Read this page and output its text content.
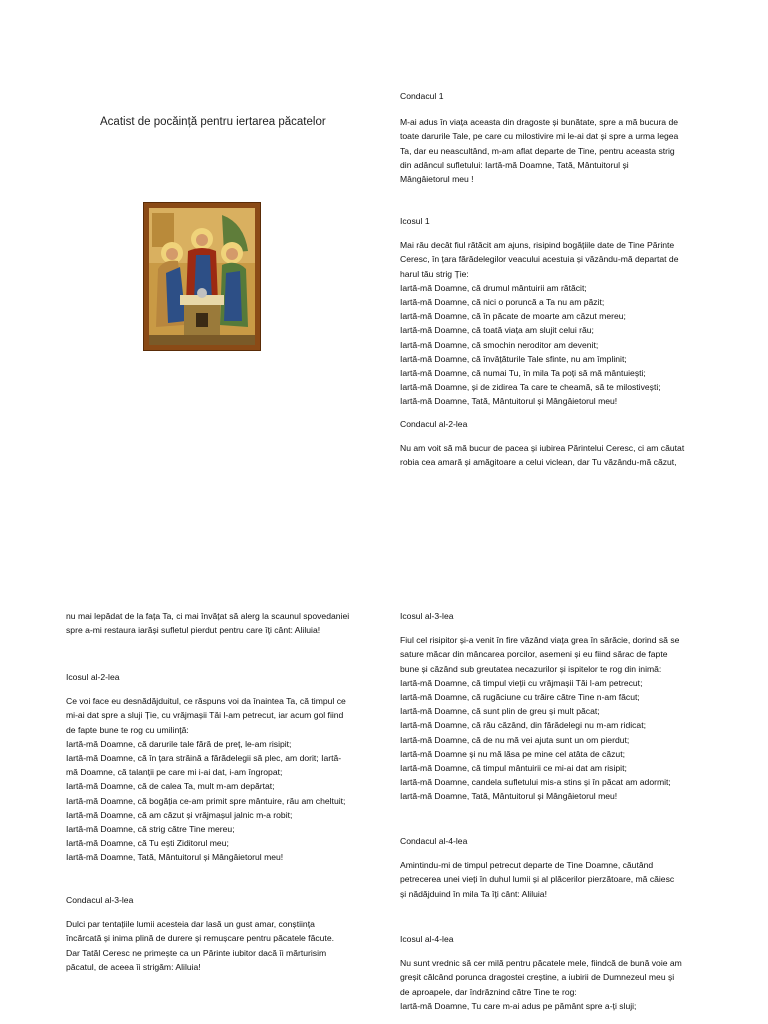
Acatist de pocăință pentru iertarea păcatelor

Condacul 1

M-ai adus în viața aceasta din dragoste și bunătate, spre a mă bucura de

toate darurile Tale, pe care cu milostivire mi le-ai dat și spre a urma legea

Ta, dar eu neascultând, m-am aflat departe de Tine, pentru aceasta strig

din adâncul sufletului: Iartă-mă Doamne, Tată, Mântuitorul și

Mângâietorul meu !

Icosul 1

Mai rău decât fiul rătăcit am ajuns, risipind bogățiile date de Tine Părinte

Ceresc, în țara fărădelegilor veacului acestuia și văzându-mă departat de

harul tău strig Ție:

Iartă-mă Doamne, că drumul mântuirii am rătăcit;

Iartă-mă Doamne, că nici o poruncă a Ta nu am păzit;

Iartă-mă Doamne, că în păcate de moarte am căzut mereu;

Iartă-mă Doamne, că toată viața am slujit celui rău;

Iartă-mă Doamne, că smochin neroditor am devenit;

Iartă-mă Doamne, că învățăturile Tale sfinte, nu am împlinit;

Iartă-mă Doamne, că numai Tu, în mila Ta poți să mă mântuiești;

Iartă-mă Doamne, și de zidirea Ta care te cheamă, să te milostivești;

Iartă-mă Doamne, Tată, Mântuitorul și Mângâietorul meu!

Condacul al-2-lea

Nu am voit să mă bucur de pacea și iubirea Părintelui Ceresc, ci am căutat

robia cea amară și amăgitoare a celui viclean, dar Tu văzându-mă căzut,

nu mai lepădat de la fața Ta, ci mai învățat să alerg la scaunul spovedaniei

spre a-mi restaura iarăși sufletul pierdut pentru care îți cânt: Aliluia!

Icosul al-2-lea

Ce voi face eu desnădăjduitul, ce răspuns voi da înaintea Ta, că timpul ce

mi-ai dat spre a sluji Ție, cu vrăjmașii Tăi l-am petrecut, iar acum gol fiind

de fapte bune te rog cu umilință:

Iartă-mă Doamne, că darurile tale fără de preț, le-am risipit;

Iartă-mă Doamne, că în țara străină a fărădelegii să plec, am dorit; Iartă-

mă Doamne, că talanții pe care mi i-ai dat, i-am îngropat;

Iartă-mă Doamne, că de calea Ta, mult m-am depărtat;

Iartă-mă Doamne, că bogăția ce-am primit spre mântuire, rău am cheltuit;

Iartă-mă Doamne, că am căzut și vrăjmașul jalnic m-a robit;

Iartă-mă Doamne, că strig către Tine mereu;

Iartă-mă Doamne, că Tu ești Ziditorul meu;

Iartă-mă Doamne, Tată, Mântuitorul și Mângâietorul meu!

Condacul al-3-lea

Dulci par tentațiile lumii acesteia dar lasă un gust amar, conștiința

încărcată și inima plină de durere și remușcare pentru păcatele făcute.

Dar Tatăl Ceresc ne primește ca un Părinte iubitor dacă îi mărturisim

păcatul, de aceea îi strigăm: Aliluia!

Icosul al-3-lea

Fiul cel risipitor și-a venit în fire văzând viața grea în sărăcie, dorind să se

sature măcar din mâncarea porcilor, asemeni și eu fiind sărac de fapte

bune și căzând sub greutatea necazurilor și ispitelor te rog din inimă:

Iartă-mă Doamne, că timpul vieții cu vrăjmașii Tăi l-am petrecut;

Iartă-mă Doamne, că rugăciune cu trăire către Tine n-am făcut;

Iartă-mă Doamne, că sunt plin de greu și mult păcat;

Iartă-mă Doamne, că rău căzând, din fărădelegi nu m-am ridicat;

Iartă-mă Doamne, că de nu mă vei ajuta sunt un om pierdut;

Iartă-mă Doamne și nu mă lăsa pe mine cel atâta de căzut;

Iartă-mă Doamne, că timpul mântuirii ce mi-ai dat am risipit;

Iartă-mă Doamne, candela sufletului mis-a stins și în păcat am adormit;

Iartă-mă Doamne, Tată, Mântuitorul și Mângâietorul meu!

Condacul al-4-lea

Amintindu-mi de timpul petrecut departe de Tine Doamne, căutând

petrecerea unei vieți în duhul lumii și al plăcerilor pierzătoare, mă căiesc

și nădăjduind în mila Ta îți cânt: Aliluia!

Icosul al-4-lea

Nu sunt vrednic să cer milă pentru păcatele mele, fiindcă de bună voie am

greșit călcând porunca dragostei creștine, a iubirii de Dumnezeul meu și

de aproapele, dar îndrăznind către Tine te rog:

Iartă-mă Doamne, Tu care m-ai adus pe pământ spre a-ți sluji;
